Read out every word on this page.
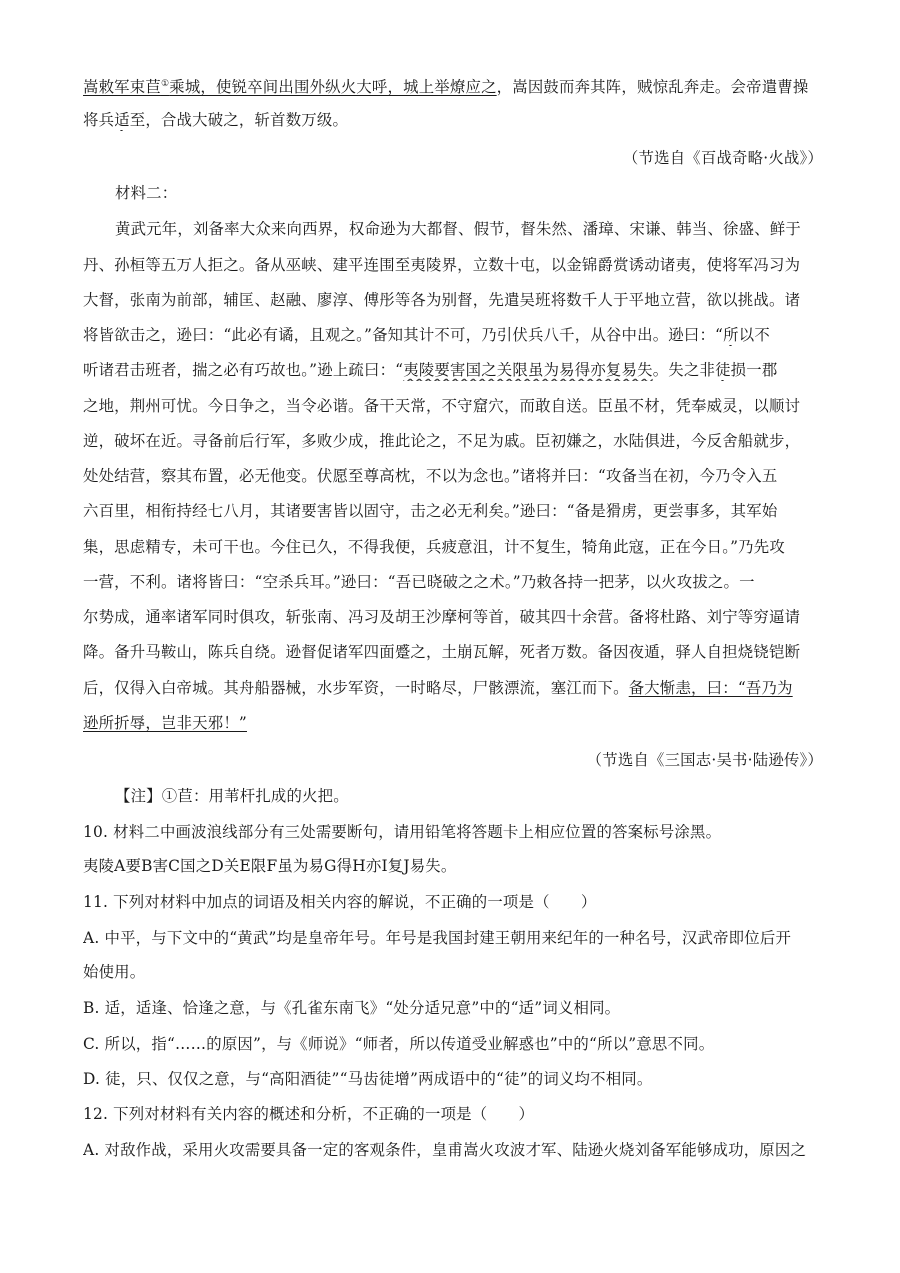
嵩敕军束苣①乘城，使锐卒间出围外纵火大呼，城上举燎应之，嵩因鼓而奔其阵，贼惊乱奔走。会帝遣曹操
将兵适至，合战大破之，斩首数万级。
（节选自《百战奇略·火战》）
材料二：
黄武元年，刘备率大众来向西界，权命逊为大都督、假节，督朱然、潘璋、宋谦、韩当、徐盛、鲜于
丹、孙桓等五万人拒之。备从巫峡、建平连围至夷陵界，立数十屯，以金锦爵赏诱动诸夷，使将军冯习为
大督，张南为前部，辅匡、赵融、廖淳、傅彤等各为别督，先遣吴班将数千人于平地立营，欲以挑战。诸
将皆欲击之，逊曰：“此必有谲，且观之。”备知其计不可，乃引伏兵八千，从谷中出。逊曰：“所以不
听诸君击班者，揣之必有巧故也。”逊上疏曰：“夷陵要害国之关限虽为易得亦复易失。失之非徒损一郡
之地，荆州可忧。今日争之，当令必谐。备干天常，不守窟穴，而敢自送。臣虽不材，凭奉威灵，以顺讨
逆，破坏在近。寻备前后行军，多败少成，推此论之，不足为戚。臣初嫌之，水陆俱进，今反舍船就步，
处处结营，察其布置，必无他变。伏愿至尊高枕，不以为念也。”诸将并曰：“攻备当在初，今乃令入五
六百里，相衔持经七八月，其诸要害皆以固守，击之必无利矣。”逊曰：“备是猾虏，更尝事多，其军始
集，思虑精专，未可干也。今住已久，不得我便，兵疲意沮，计不复生，犄角此寇，正在今日。”乃先攻
一营，不利。诸将皆曰：“空杀兵耳。”逊曰：“吾已晓破之之术。”乃敕各持一把茅，以火攻拔之。一
尔势成，通率诸军同时俱攻，斩张南、冯习及胡王沙摩柯等首，破其四十余营。备将杜路、刘宁等穷逼请
降。备升马鞍山，陈兵自绕。逊督促诸军四面蹙之，土崩瓦解，死者万数。备因夜遁，驿人自担烧铙铠断
后，仅得入白帝城。其舟船器械，水步军资，一时略尽，尸骸漂流，塞江而下。备大惭恚，曰：“吾乃为
逊所折辱，岂非天邪！”
（节选自《三国志·吴书·陆逊传》）
【注】①苣：用苇杆扎成的火把。
10. 材料二中画波浪线部分有三处需要断句，请用铅笔将答题卡上相应位置的答案标号涂黑。
夷陵A要B害C国之D关E限F虽为易G得H亦I复J易失。
11. 下列对材料中加点的词语及相关内容的解说，不正确的一项是（　　）
A. 中平，与下文中的“黄武”均是皇帝年号。年号是我国封建王朝用来纪年的一种名号，汉武帝即位后开
始使用。
B. 适，适逢、恰逢之意，与《孔雀东南飞》“处分适兄意”中的“适”词义相同。
C. 所以，指“……的原因”，与《师说》“师者，所以传道受业解惑也”中的“所以”意思不同。
D. 徒，只、仅仅之意，与“高阳酒徒”“马齿徒增”两成语中的“徒”的词义均不相同。
12. 下列对材料有关内容的概述和分析，不正确的一项是（　　）
A. 对敌作战，采用火攻需要具备一定的客观条件，皇甫嵩火攻波才军、陆逊火烧刘备军能够成功，原因之
